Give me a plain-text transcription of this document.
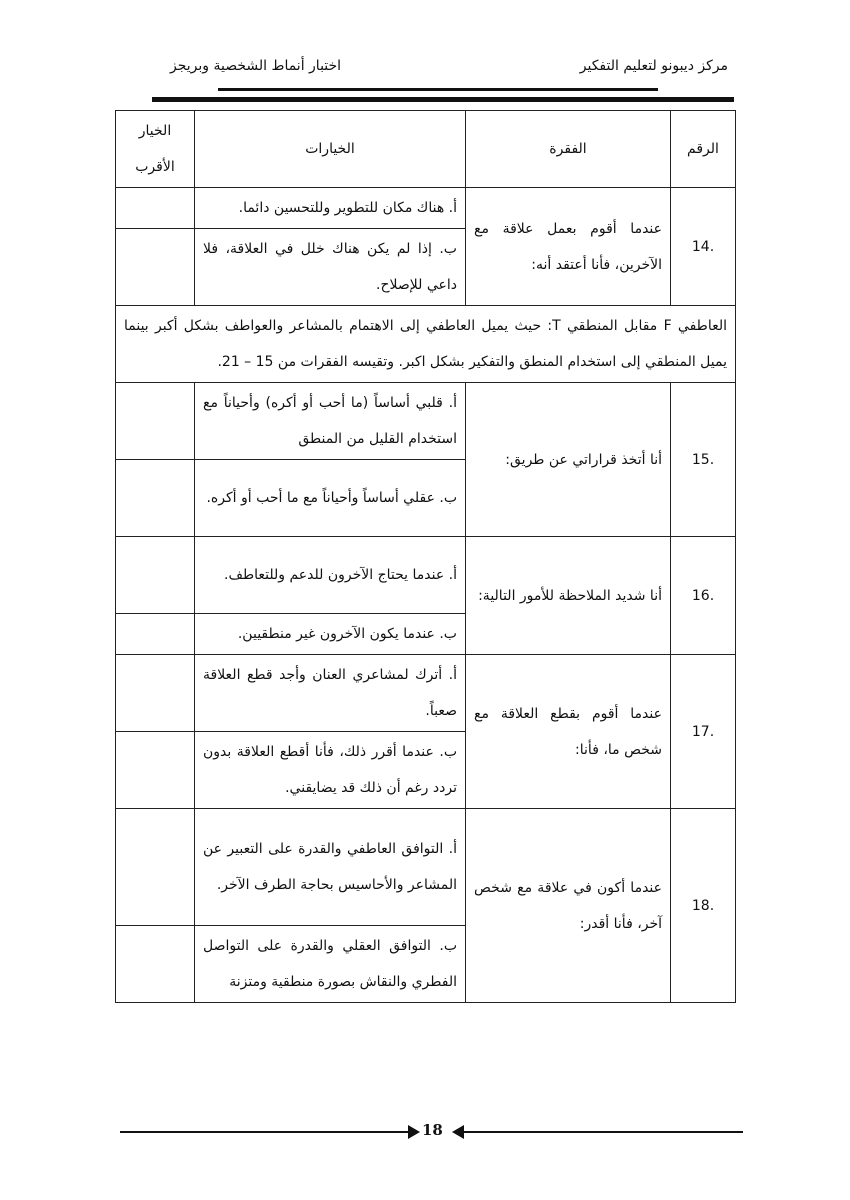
مركز ديبونو لتعليم التفكير
اختبار أنماط الشخصية وبريجز
الرقم	الفقرة	الخيارات	الخيار
الأقرب

.14	عندما أقوم بعمل علاقة مع الآخرين، فأنا أعتقد أنه:	أ. هناك مكان للتطوير وللتحسين دائما.	
		ب. إذا لم يكن هناك خلل في العلاقة، فلا داعي للإصلاح.	
العاطفي F مقابل المنطقي T: حيث يميل العاطفي إلى الاهتمام بالمشاعر والعواطف بشكل أكبر بينما يميل المنطقي إلى استخدام المنطق والتفكير بشكل اكبر. وتقيسه الفقرات من 15 – 21.			
.15	أنا أتخذ قراراتي عن طريق:	أ. قلبي أساساً (ما أحب أو أكره) وأحياناً مع استخدام القليل من المنطق	
		ب. عقلي أساساً وأحياناً مع ما أحب أو أكره.	
.16	أنا شديد الملاحظة للأمور التالية:	أ. عندما يحتاج الآخرون للدعم وللتعاطف.	
		ب. عندما يكون الآخرون غير منطقيين.	
.17	عندما أقوم بقطع العلاقة مع شخص ما، فأنا:	أ. أترك لمشاعري العنان وأجد قطع العلاقة صعباً.	
		ب. عندما أقرر ذلك، فأنا أقطع العلاقة بدون تردد رغم أن ذلك قد يضايقني.	
.18	عندما أكون في علاقة مع شخص آخر، فأنا أقدر:	أ. التوافق العاطفي والقدرة على التعبير عن المشاعر والأحاسيس بحاجة الطرف الآخر.	
		ب. التوافق العقلي والقدرة على التواصل الفطري والنقاش بصورة منطقية ومتزنة	
18
